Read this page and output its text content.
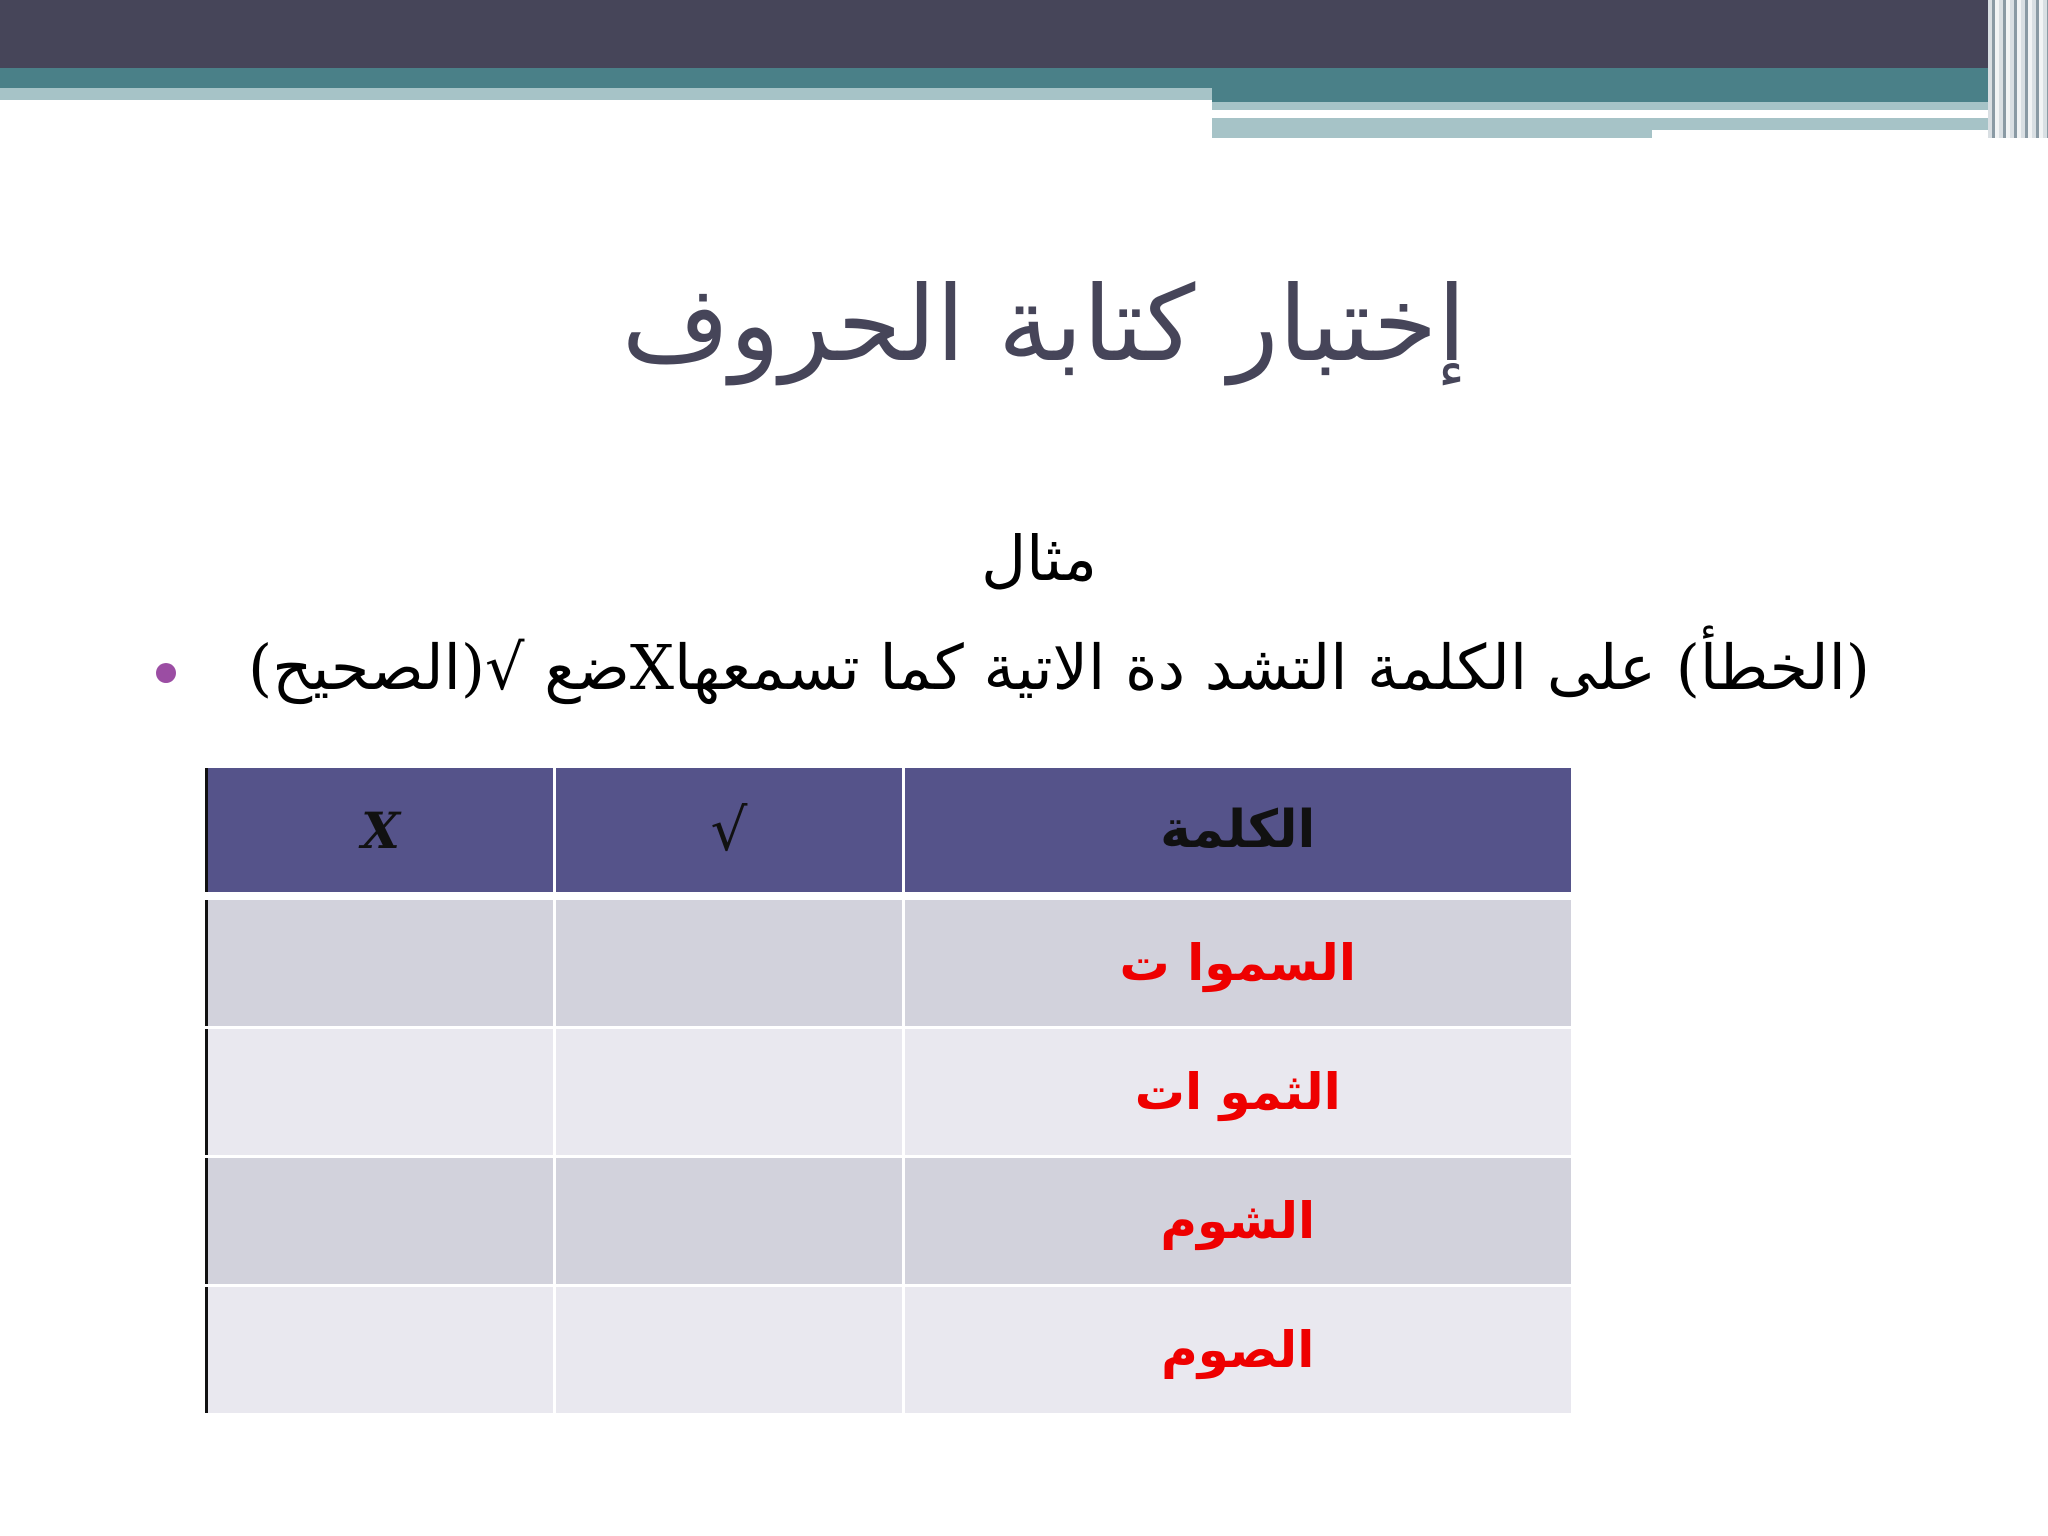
إختبار كتابة الحروف
مثال
(الخطأ) على الكلمة التشد دة الاتية كما تسمعهاXضع √(الصحيح)
X	√	الكلمة
		السموا ت
		الثمو ات
		الشوم
		الصوم
